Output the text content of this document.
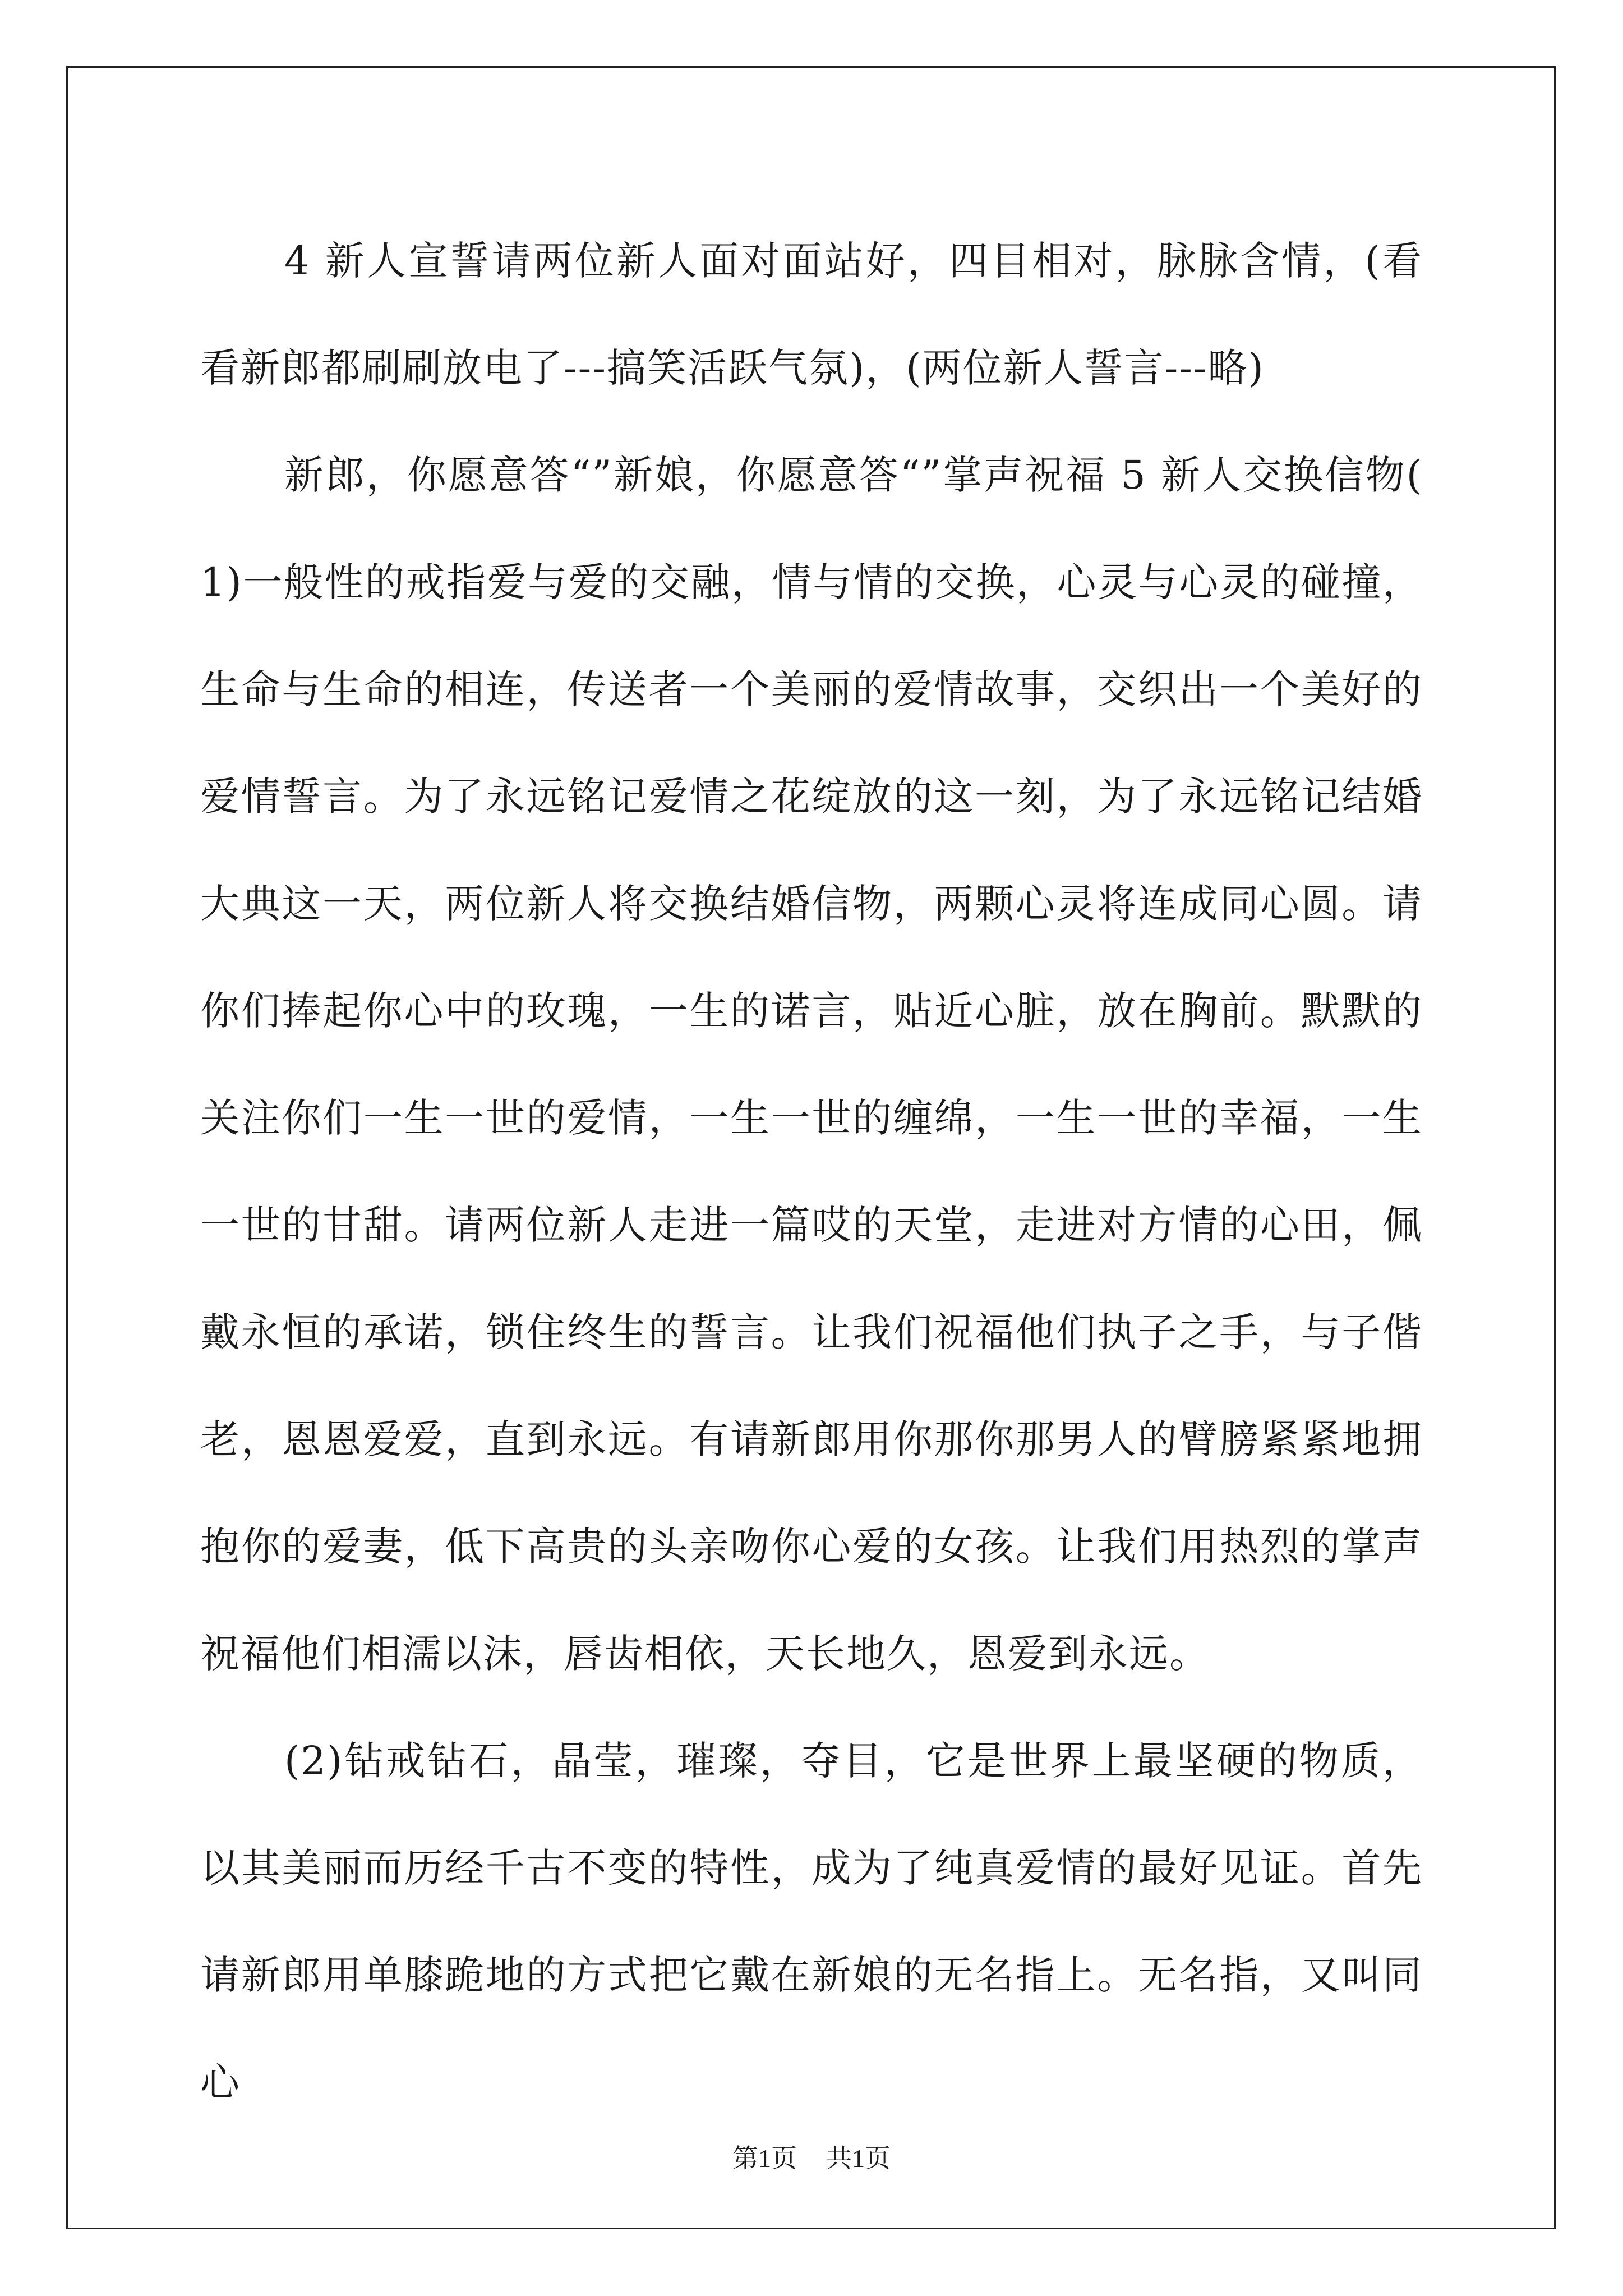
4 新人宣誓请两位新人面对面站好，四目相对，脉脉含情，(看看新郎都刷刷放电了---搞笑活跃气氛)，(两位新人誓言---略)

新郎，你愿意答“”新娘，你愿意答“”掌声祝福 5 新人交换信物(1)一般性的戒指爱与爱的交融，情与情的交换，心灵与心灵的碰撞，生命与生命的相连，传送者一个美丽的爱情故事，交织出一个美好的爱情誓言。为了永远铭记爱情之花绽放的这一刻，为了永远铭记结婚大典这一天，两位新人将交换结婚信物，两颗心灵将连成同心圆。请你们捧起你心中的玫瑰，一生的诺言，贴近心脏，放在胸前。默默的关注你们一生一世的爱情，一生一世的缠绵，一生一世的幸福，一生一世的甘甜。请两位新人走进一篇哎的天堂，走进对方情的心田，佩戴永恒的承诺，锁住终生的誓言。让我们祝福他们执子之手，与子偕老，恩恩爱爱，直到永远。有请新郎用你那你那男人的臂膀紧紧地拥抱你的爱妻，低下高贵的头亲吻你心爱的女孩。让我们用热烈的掌声祝福他们相濡以沫，唇齿相依，天长地久，恩爱到永远。

(2)钻戒钻石，晶莹，璀璨，夺目，它是世界上最坚硬的物质，以其美丽而历经千古不变的特性，成为了纯真爱情的最好见证。首先请新郎用单膝跪地的方式把它戴在新娘的无名指上。无名指，又叫同心

第1页 共1页
